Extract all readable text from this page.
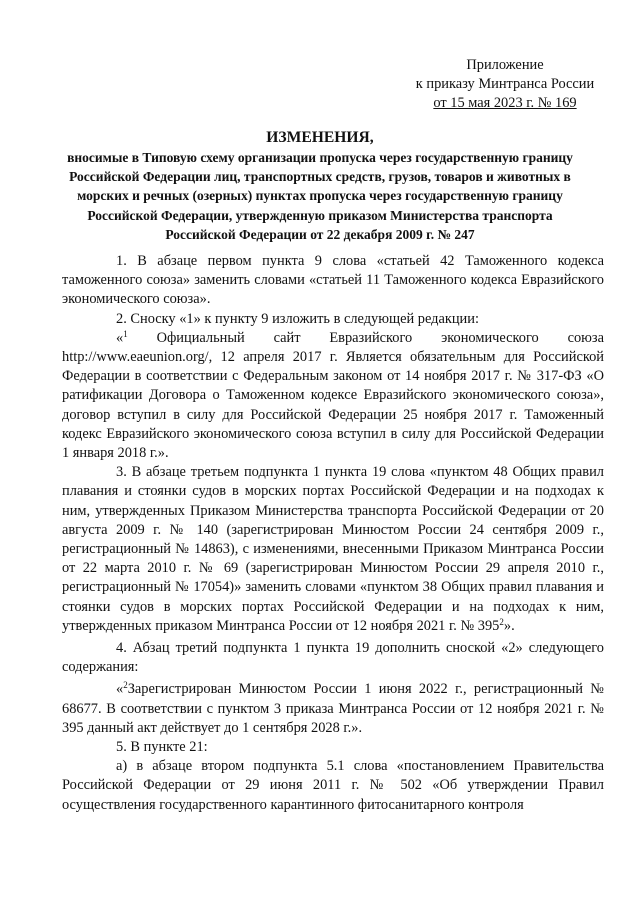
Приложение
к приказу Минтранса России
от 15 мая 2023 г. № 169
ИЗМЕНЕНИЯ,
вносимые в Типовую схему организации пропуска через государственную границу Российской Федерации лиц, транспортных средств, грузов, товаров и животных в морских и речных (озерных) пунктах пропуска через государственную границу Российской Федерации, утвержденную приказом Министерства транспорта Российской Федерации от 22 декабря 2009 г. № 247

1. В абзаце первом пункта 9 слова «статьей 42 Таможенного кодекса таможенного союза» заменить словами «статьей 11 Таможенного кодекса Евразийского экономического союза».

2. Сноску «1» к пункту 9 изложить в следующей редакции:

«$^1$ Официальный сайт Евразийского экономического союза http://www.eaeunion.org/, 12 апреля 2017 г. Является обязательным для Российской Федерации в соответствии с Федеральным законом от 14 ноября 2017 г. № 317-ФЗ «О ратификации Договора о Таможенном кодексе Евразийского экономического союза», договор вступил в силу для Российской Федерации 25 ноября 2017 г. Таможенный кодекс Евразийского экономического союза вступил в силу для Российской Федерации 1 января 2018 г.».

3. В абзаце третьем подпункта 1 пункта 19 слова «пунктом 48 Общих правил плавания и стоянки судов в морских портах Российской Федерации и на подходах к ним, утвержденных Приказом Министерства транспорта Российской Федерации от 20 августа 2009 г. № 140 (зарегистрирован Минюстом России 24 сентября 2009 г., регистрационный № 14863), с изменениями, внесенными Приказом Минтранса России от 22 марта 2010 г. № 69 (зарегистрирован Минюстом России 29 апреля 2010 г., регистрационный № 17054)» заменить словами «пунктом 38 Общих правил плавания и стоянки судов в морских портах Российской Федерации и на подходах к ним, утвержденных приказом Минтранса России от 12 ноября 2021 г. № $395^2$».

4. Абзац третий подпункта 1 пункта 19 дополнить сноской «2» следующего содержания:

«$^2$Зарегистрирован Минюстом России 1 июня 2022 г., регистрационный № 68677. В соответствии с пунктом 3 приказа Минтранса России от 12 ноября 2021 г. № 395 данный акт действует до 1 сентября 2028 г.».

5. В пункте 21:

а) в абзаце втором подпункта 5.1 слова «постановлением Правительства Российской Федерации от 29 июня 2011 г. № 502 «Об утверждении Правил осуществления государственного карантинного фитосанитарного контроля
